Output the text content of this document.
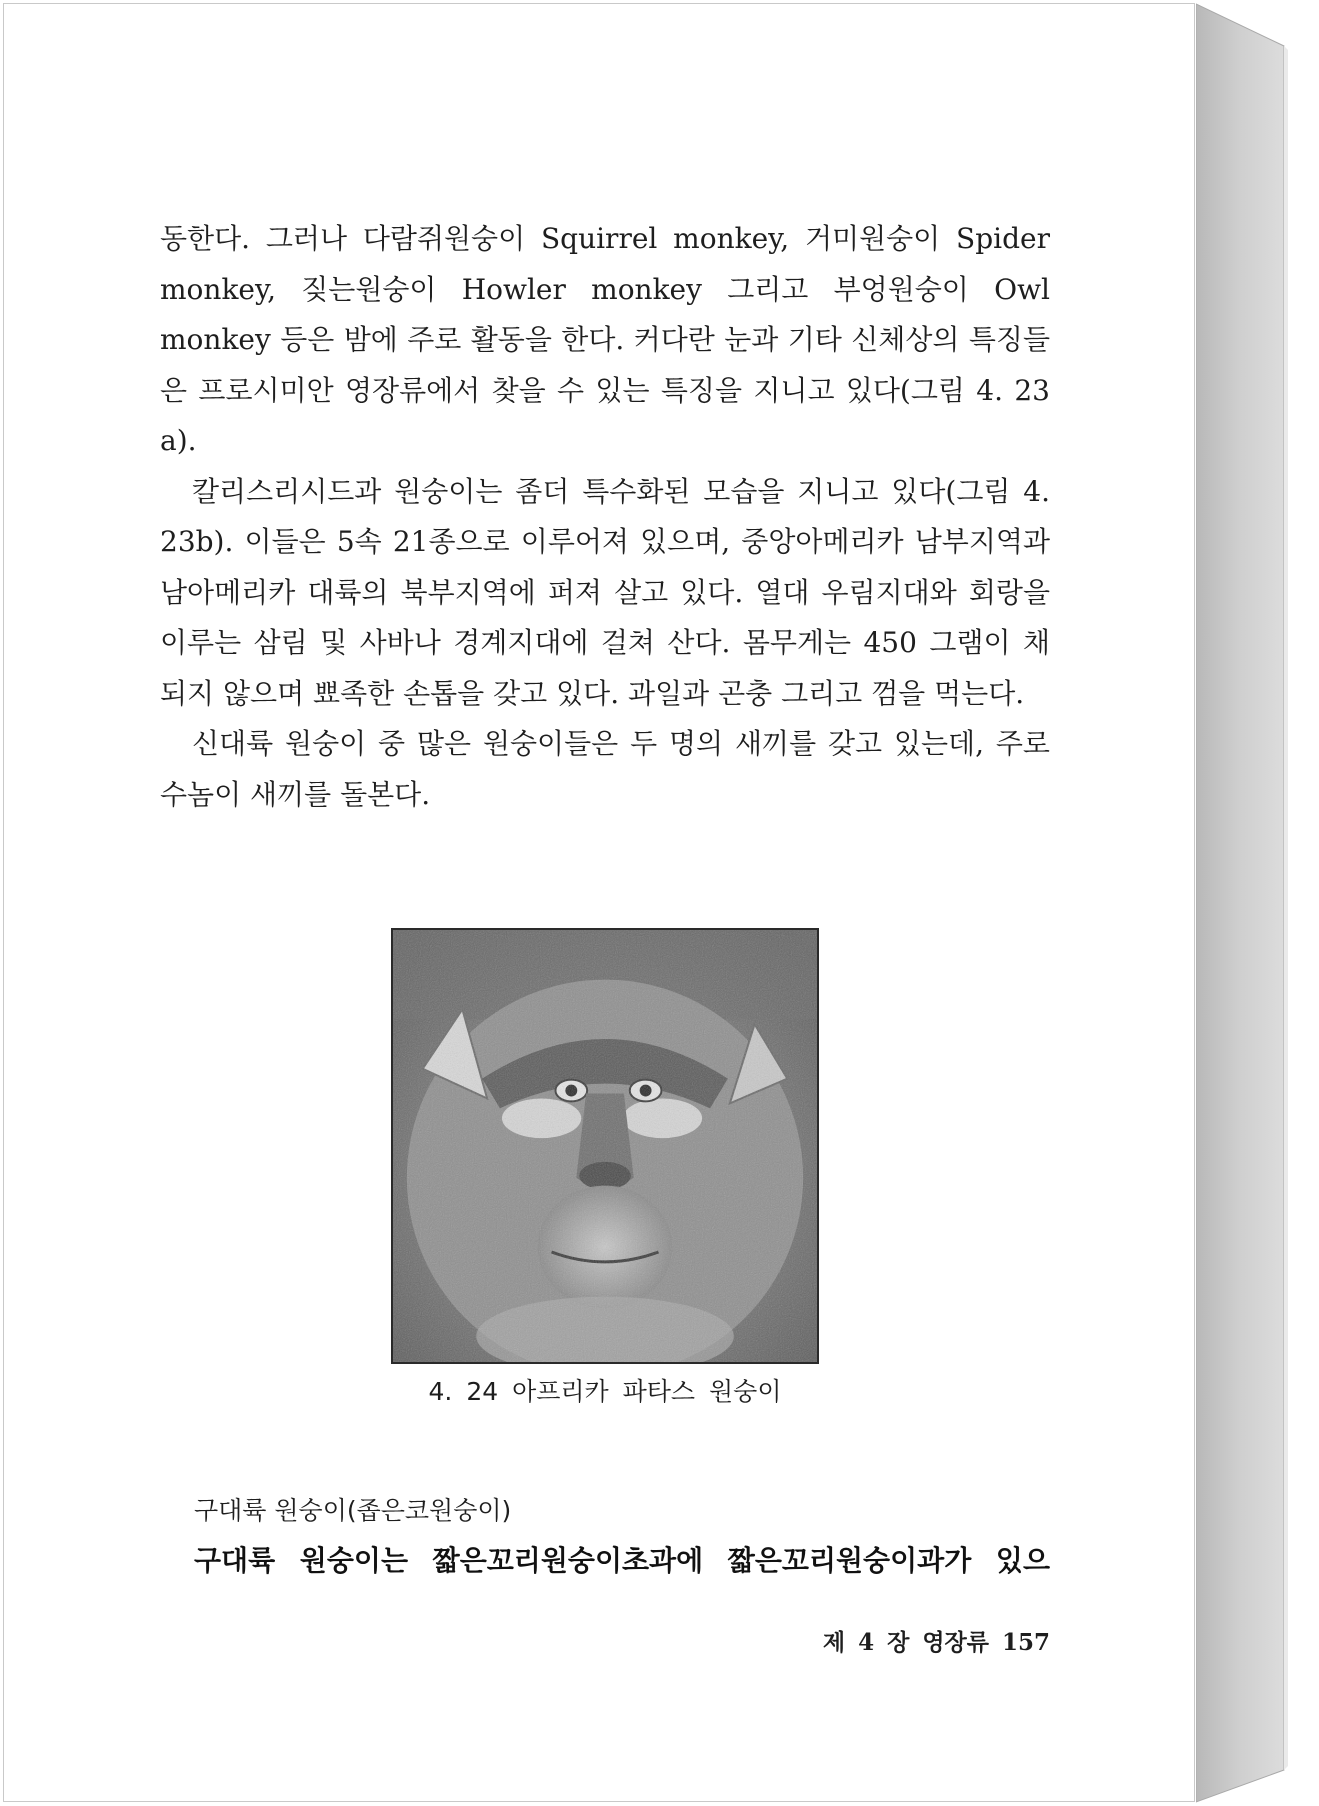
동한다. 그러나 다람쥐원숭이 Squirrel monkey, 거미원숭이 Spider monkey, 짖는원숭이 Howler monkey 그리고 부엉원숭이 Owl monkey 등은 밤에 주로 활동을 한다. 커다란 눈과 기타 신체상의 특징들은 프로시미안 영장류에서 찾을 수 있는 특징을 지니고 있다(그림 4. 23 a).

칼리스리시드과 원숭이는 좀더 특수화된 모습을 지니고 있다(그림 4. 23b). 이들은 5속 21종으로 이루어져 있으며, 중앙아메리카 남부지역과 남아메리카 대륙의 북부지역에 퍼져 살고 있다. 열대 우림지대와 회랑을 이루는 삼림 및 사바나 경계지대에 걸쳐 산다. 몸무게는 450 그램이 채 되지 않으며 뾰족한 손톱을 갖고 있다. 과일과 곤충 그리고 껌을 먹는다.

신대륙 원숭이 중 많은 원숭이들은 두 명의 새끼를 갖고 있는데, 주로 수놈이 새끼를 돌본다.

4. 24 아프리카 파타스 원숭이
구대륙 원숭이(좁은코원숭이)
구대륙 원숭이는 짧은꼬리원숭이초과에 짧은꼬리원숭이과가 있으
제 4 장 영장류 157
